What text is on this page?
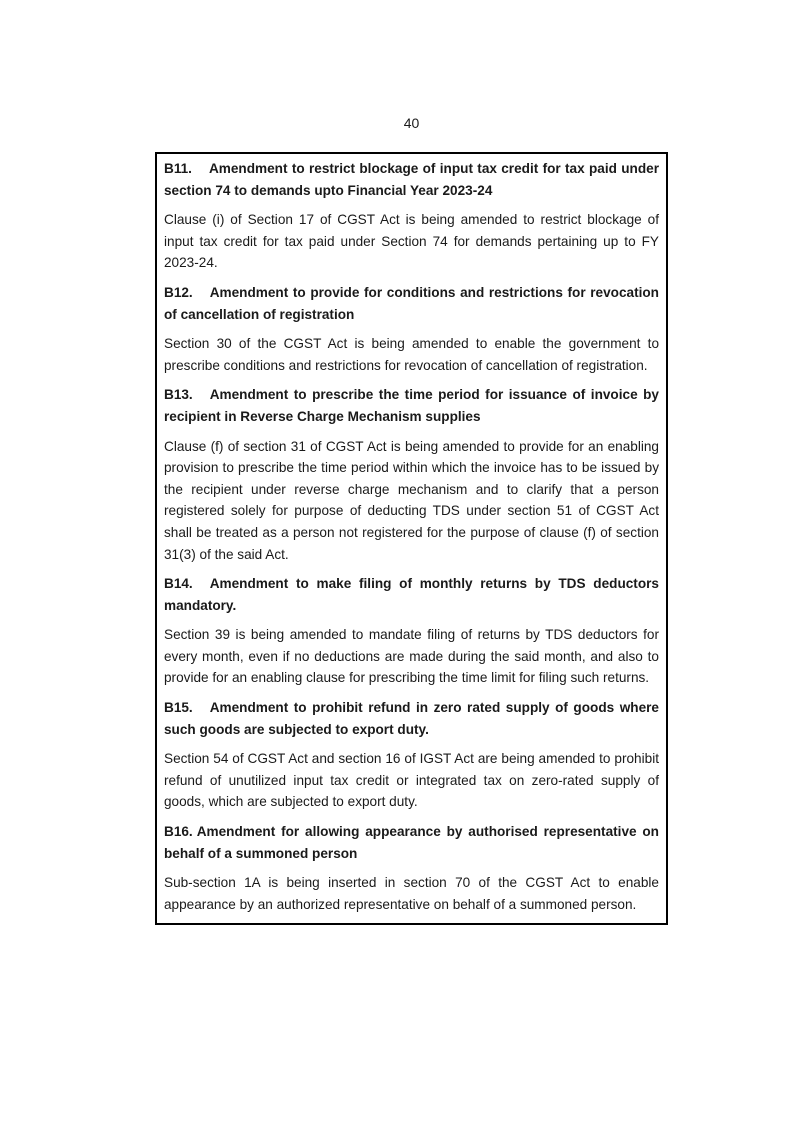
40

B11. Amendment to restrict blockage of input tax credit for tax paid under section 74 to demands upto Financial Year 2023-24

Clause (i) of Section 17 of CGST Act is being amended to restrict blockage of input tax credit for tax paid under Section 74 for demands pertaining up to FY 2023-24.

B12. Amendment to provide for conditions and restrictions for revocation of cancellation of registration

Section 30 of the CGST Act is being amended to enable the government to prescribe conditions and restrictions for revocation of cancellation of registration.

B13. Amendment to prescribe the time period for issuance of invoice by recipient in Reverse Charge Mechanism supplies

Clause (f) of section 31 of CGST Act is being amended to provide for an enabling provision to prescribe the time period within which the invoice has to be issued by the recipient under reverse charge mechanism and to clarify that a person registered solely for purpose of deducting TDS under section 51 of CGST Act shall be treated as a person not registered for the purpose of clause (f) of section 31(3) of the said Act.

B14. Amendment to make filing of monthly returns by TDS deductors mandatory.

Section 39 is being amended to mandate filing of returns by TDS deductors for every month, even if no deductions are made during the said month, and also to provide for an enabling clause for prescribing the time limit for filing such returns.

B15. Amendment to prohibit refund in zero rated supply of goods where such goods are subjected to export duty.

Section 54 of CGST Act and section 16 of IGST Act are being amended to prohibit refund of unutilized input tax credit or integrated tax on zero-rated supply of goods, which are subjected to export duty.

B16. Amendment for allowing appearance by authorised representative on behalf of a summoned person

Sub-section 1A is being inserted in section 70 of the CGST Act to enable appearance by an authorized representative on behalf of a summoned person.
